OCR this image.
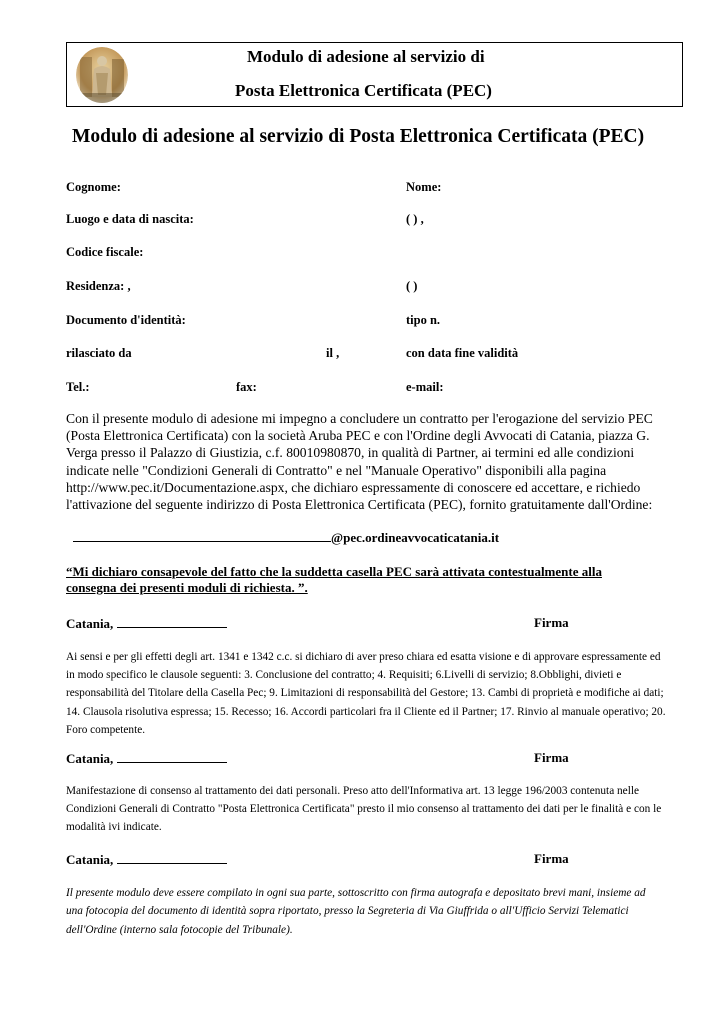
Modulo di adesione al servizio di
Posta Elettronica Certificata (PEC)
Modulo di adesione al servizio di Posta Elettronica Certificata (PEC)
Cognome:	Nome:
Luogo e data di nascita:	( ) ,
Codice fiscale:
Residenza: ,	( )
Documento d'identità:	tipo n.
rilasciato da	il ,	con data fine validità
Tel.:	fax:	e-mail:
Con il presente modulo di adesione mi impegno a concludere un contratto per l'erogazione del servizio PEC (Posta Elettronica Certificata) con la società Aruba PEC e con l'Ordine degli Avvocati di Catania, piazza G. Verga presso il Palazzo di Giustizia, c.f. 80010980870, in qualità di Partner, ai termini ed alle condizioni indicate nelle "Condizioni Generali di Contratto" e nel "Manuale Operativo" disponibili alla pagina http://www.pec.it/Documentazione.aspx, che dichiaro espressamente di conoscere ed accettare, e richiedo l'attivazione del seguente indirizzo di Posta Elettronica Certificata (PEC), fornito gratuitamente dall'Ordine:
@pec.ordineavvocaticatania.it
“Mi dichiaro consapevole del fatto che la suddetta casella PEC sarà attivata contestualmente alla consegna dei presenti moduli di richiesta. ”.
Catania,	Firma
Ai sensi e per gli effetti degli art. 1341 e 1342 c.c. si dichiaro di aver preso chiara ed esatta visione e di approvare espressamente ed in modo specifico le clausole seguenti: 3. Conclusione del contratto; 4. Requisiti; 6.Livelli di servizio; 8.Obblighi, divieti e responsabilità del Titolare della Casella Pec; 9. Limitazioni di responsabilità del Gestore; 13. Cambi di proprietà e modifiche ai dati; 14. Clausola risolutiva espressa; 15. Recesso; 16. Accordi particolari fra il Cliente ed il Partner; 17. Rinvio al manuale operativo; 20. Foro competente.
Catania,	Firma
Manifestazione di consenso al trattamento dei dati personali. Preso atto dell'Informativa art. 13 legge 196/2003 contenuta nelle Condizioni Generali di Contratto "Posta Elettronica Certificata" presto il mio consenso al trattamento dei dati per le finalità e con le modalità ivi indicate.
Catania,	Firma
Il presente modulo deve essere compilato in ogni sua parte, sottoscritto con firma autografa e depositato brevi mani, insieme ad una fotocopia del documento di identità sopra riportato, presso la Segreteria di Via Giuffrida o all'Ufficio Servizi Telematici dell'Ordine (interno sala fotocopie del Tribunale).
